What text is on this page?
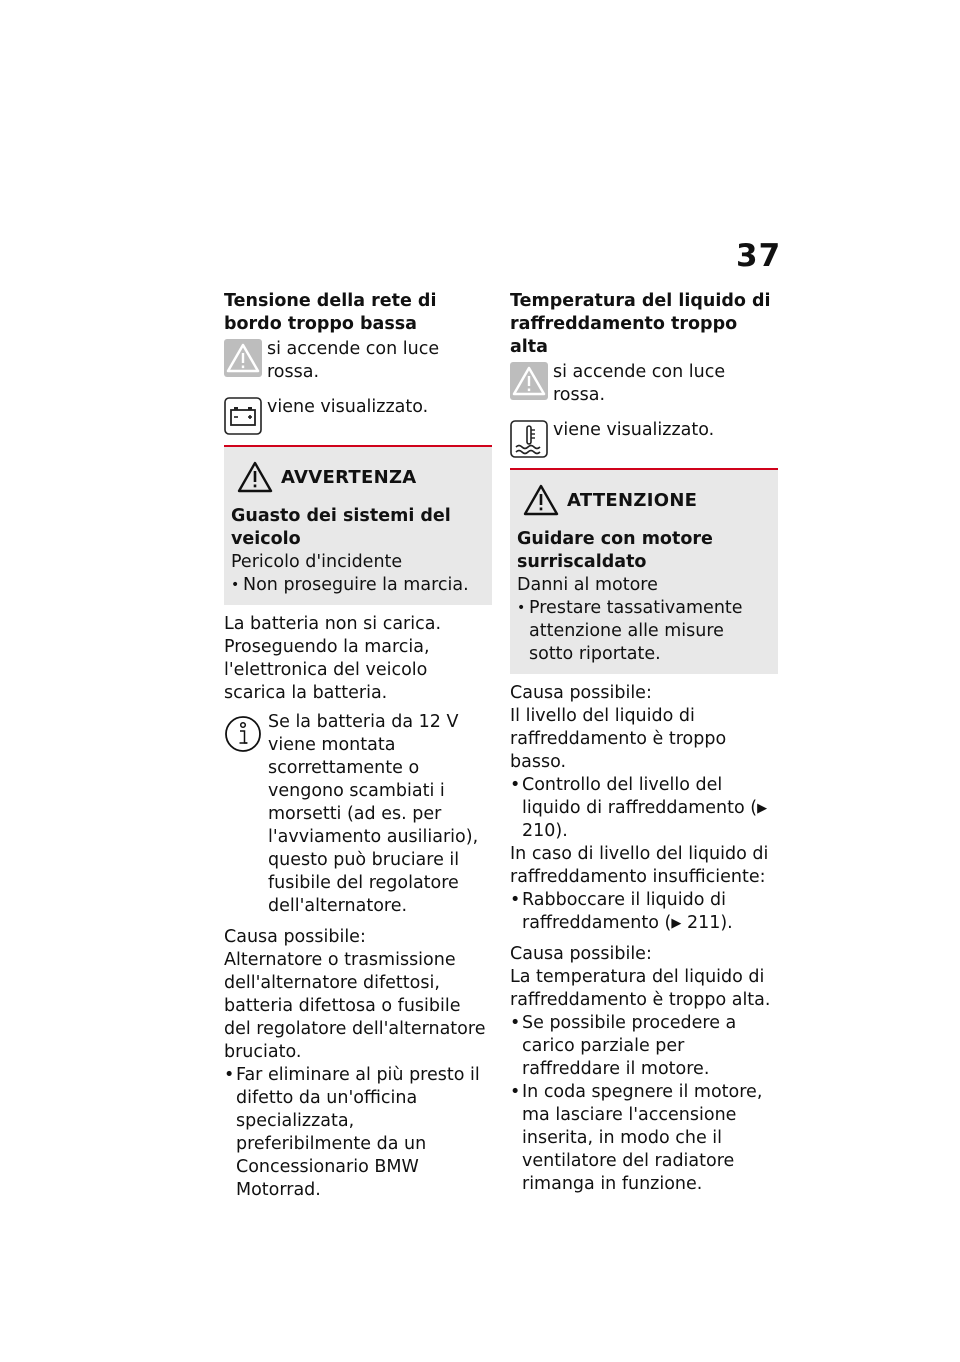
37

Tensione della rete di bordo troppo bassa

si accende con luce rossa.
viene visualizzato.
AVVERTENZA

Guasto dei sistemi del veicolo

Pericolo d'incidente

• Non proseguire la marcia.

La batteria non si carica. Proseguendo la marcia, l'elettronica del veicolo scarica la batteria.

Se la batteria da 12 V viene montata scorrettamente o vengono scambiati i morsetti (ad es. per l'avviamento ausiliario), questo può bruciare il fusibile del regolatore dell'alternatore.

Causa possibile:

Alternatore o trasmissione dell'alternatore difettosi, batteria difettosa o fusibile del regolatore dell'alternatore bruciato.

• Far eliminare al più presto il difetto da un'officina specializzata, preferibilmente da un Concessionario BMW Motorrad.

Temperatura del liquido di raffreddamento troppo alta

si accende con luce rossa.
viene visualizzato.
ATTENZIONE

Guidare con motore surriscaldato

Danni al motore

• Prestare tassativamente attenzione alle misure sotto riportate.

Causa possibile:

Il livello del liquido di raffreddamento è troppo basso.

• Controllo del livello del liquido di raffreddamento (▶ 210).

In caso di livello del liquido di raffreddamento insufficiente:

• Rabboccare il liquido di raffreddamento (▶ 211).

Causa possibile:

La temperatura del liquido di raffreddamento è troppo alta.

• Se possibile procedere a carico parziale per raffreddare il motore.

• In coda spegnere il motore, ma lasciare l'accensione inserita, in modo che il ventilatore del radiatore rimanga in funzione.
